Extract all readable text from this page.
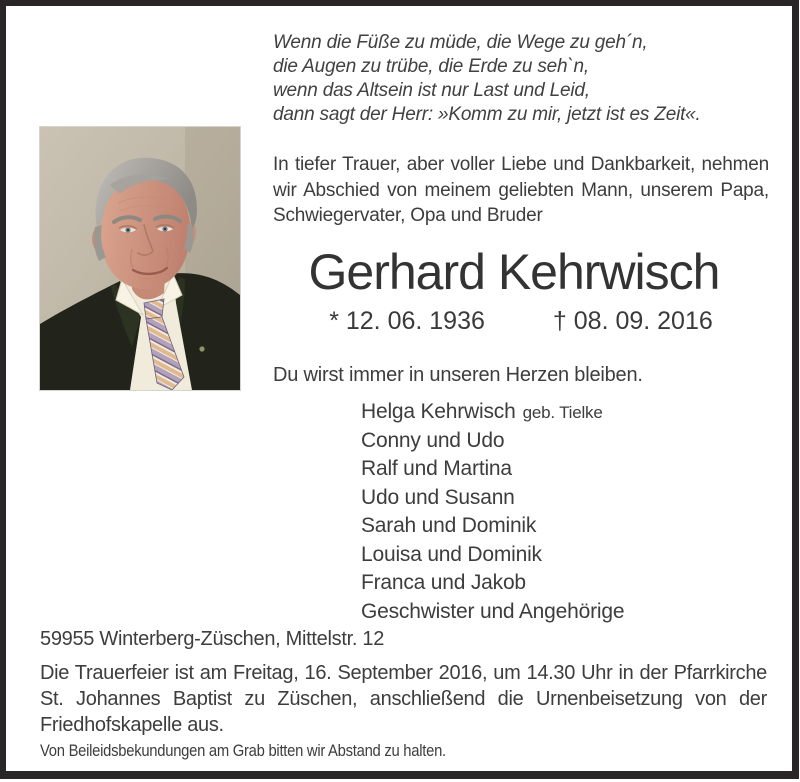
Wenn die Füße zu müde, die Wege zu geh´n,
die Augen zu trübe, die Erde zu seh`n,
wenn das Altsein ist nur Last und Leid,
dann sagt der Herr: »Komm zu mir, jetzt ist es Zeit«.
In tiefer Trauer, aber voller Liebe und Dankbarkeit, nehmen wir Abschied von meinem geliebten Mann, unserem Papa, Schwiegervater, Opa und Bruder
Gerhard Kehrwisch
* 12. 06. 1936	† 08. 09. 2016
Du wirst immer in unseren Herzen bleiben.
Helga Kehrwisch geb. Tielke
Conny und Udo
Ralf und Martina
Udo und Susann
Sarah und Dominik
Louisa und Dominik
Franca und Jakob
Geschwister und Angehörige
59955 Winterberg-Züschen, Mittelstr. 12
Die Trauerfeier ist am Freitag, 16. September 2016, um 14.30 Uhr in der Pfarrkirche St. Johannes Baptist zu Züschen, anschließend die Urnenbeisetzung von der Friedhofskapelle aus.
Von Beileidsbekundungen am Grab bitten wir Abstand zu halten.
